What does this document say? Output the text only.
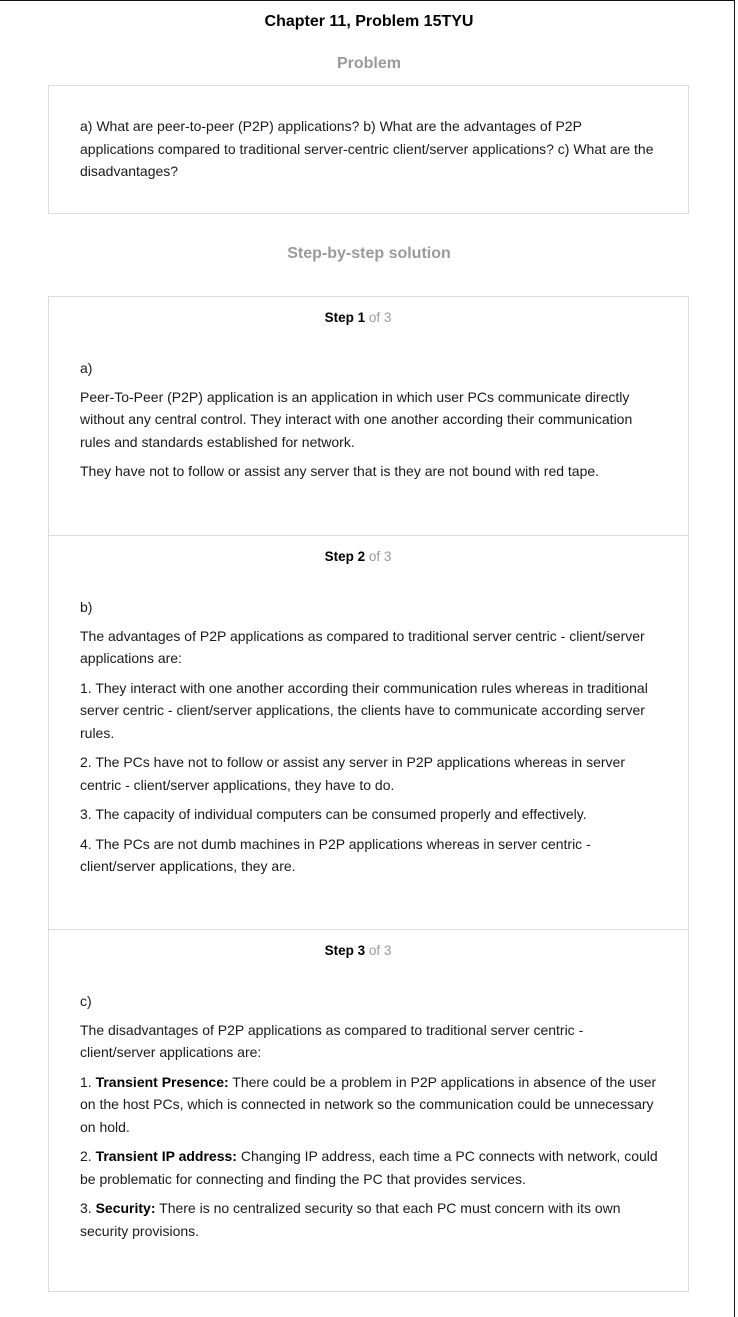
Chapter 11, Problem 15TYU
Problem
a) What are peer-to-peer (P2P) applications? b) What are the advantages of P2P applications compared to traditional server-centric client/server applications? c) What are the disadvantages?
Step-by-step solution
Step 1 of 3

a)

Peer-To-Peer (P2P) application is an application in which user PCs communicate directly without any central control. They interact with one another according their communication rules and standards established for network.

They have not to follow or assist any server that is they are not bound with red tape.

Step 2 of 3

b)

The advantages of P2P applications as compared to traditional server centric - client/server applications are:

1. They interact with one another according their communication rules whereas in traditional server centric - client/server applications, the clients have to communicate according server rules.

2. The PCs have not to follow or assist any server in P2P applications whereas in server centric - client/server applications, they have to do.

3. The capacity of individual computers can be consumed properly and effectively.

4. The PCs are not dumb machines in P2P applications whereas in server centric - client/server applications, they are.

Step 3 of 3

c)

The disadvantages of P2P applications as compared to traditional server centric - client/server applications are:

1. Transient Presence: There could be a problem in P2P applications in absence of the user on the host PCs, which is connected in network so the communication could be unnecessary on hold.

2. Transient IP address: Changing IP address, each time a PC connects with network, could be problematic for connecting and finding the PC that provides services.

3. Security: There is no centralized security so that each PC must concern with its own security provisions.
